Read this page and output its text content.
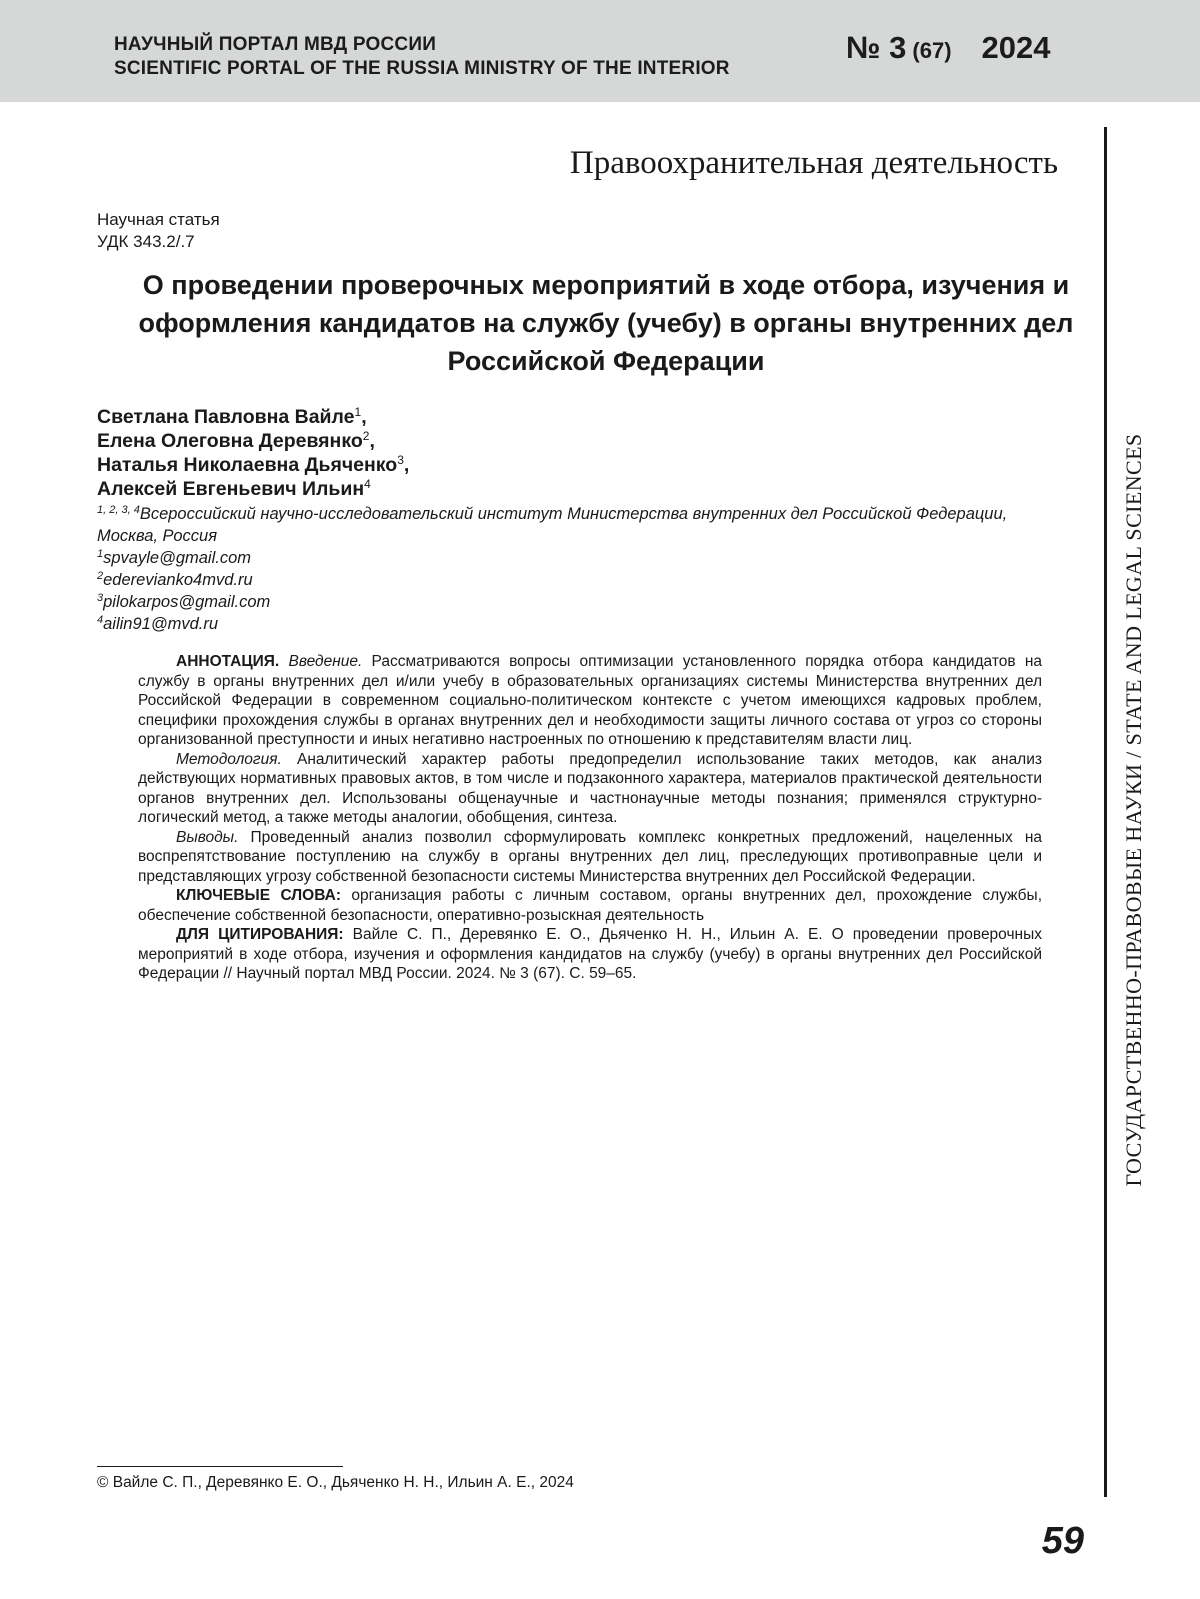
НАУЧНЫЙ ПОРТАЛ МВД РОССИИ
SCIENTIFIC PORTAL OF THE RUSSIA MINISTRY OF THE INTERIOR
№ 3 (67) 2024
ГОСУДАРСТВЕННО-ПРАВОВЫЕ НАУКИ / STATE AND LEGAL SCIENCES
Правоохранительная деятельность
Научная статья
УДК 343.2/.7
О проведении проверочных мероприятий в ходе отбора, изучения и оформления кандидатов на службу (учебу) в органы внутренних дел Российской Федерации
Светлана Павловна Вайле$^1$,
Елена Олеговна Деревянко$^2$,
Наталья Николаевна Дьяченко$^3$,
Алексей Евгеньевич Ильин$^4$
$^{1, 2, 3, 4}$Всероссийский научно-исследовательский институт Министерства внутренних дел Российской Федерации, Москва, Россия
$^1$spvayle@gmail.com
$^2$ederevianko4mvd.ru
$^3$pilokarpos@gmail.com
$^4$ailin91@mvd.ru

АННОТАЦИЯ. Введение. Рассматриваются вопросы оптимизации установленного порядка отбора кандидатов на службу в органы внутренних дел и/или учебу в образовательных организациях системы Министерства внутренних дел Российской Федерации в современном социально-политическом контексте с учетом имеющихся кадровых проблем, специфики прохождения службы в органах внутренних дел и необходимости защиты личного состава от угроз со стороны организованной преступности и иных негативно настроенных по отношению к представителям власти лиц.

Методология. Аналитический характер работы предопределил использование таких методов, как анализ действующих нормативных правовых актов, в том числе и подзаконного характера, материалов практической деятельности органов внутренних дел. Использованы общенаучные и частнонаучные методы познания; применялся структурно-логический метод, а также методы аналогии, обобщения, синтеза.

Выводы. Проведенный анализ позволил сформулировать комплекс конкретных предложений, нацеленных на воспрепятствование поступлению на службу в органы внутренних дел лиц, преследующих противоправные цели и представляющих угрозу собственной безопасности системы Министерства внутренних дел Российской Федерации.

КЛЮЧЕВЫЕ СЛОВА: организация работы с личным составом, органы внутренних дел, прохождение службы, обеспечение собственной безопасности, оперативно-розыскная деятельность

ДЛЯ ЦИТИРОВАНИЯ: Вайле С. П., Деревянко Е. О., Дьяченко Н. Н., Ильин А. Е. О проведении проверочных мероприятий в ходе отбора, изучения и оформления кандидатов на службу (учебу) в органы внутренних дел Российской Федерации // Научный портал МВД России. 2024. № 3 (67). С. 59–65.

© Вайле С. П., Деревянко Е. О., Дьяченко Н. Н., Ильин А. Е., 2024
59
